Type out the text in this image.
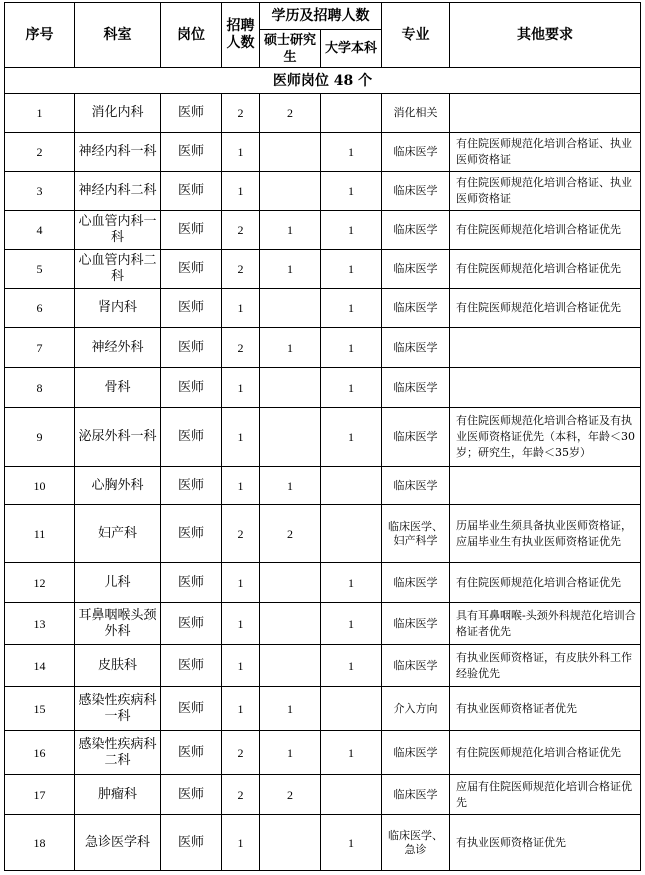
序号	科室	岗位	招聘人数	学历及招聘人数		专业	其他要求
				硕士研究生	大学本科		
医师岗位 48 个							
1	消化内科	医师	2	2		消化相关	
2	神经内科一科	医师	1		1	临床医学	有住院医师规范化培训合格证、执业医师资格证
3	神经内科二科	医师	1		1	临床医学	有住院医师规范化培训合格证、执业医师资格证
4	心血管内科一科	医师	2	1	1	临床医学	有住院医师规范化培训合格证优先
5	心血管内科二科	医师	2	1	1	临床医学	有住院医师规范化培训合格证优先
6	肾内科	医师	1		1	临床医学	有住院医师规范化培训合格证优先
7	神经外科	医师	2	1	1	临床医学	
8	骨科	医师	1		1	临床医学	
9	泌尿外科一科	医师	1		1	临床医学	有住院医师规范化培训合格证及有执业医师资格证优先（本科，年龄＜30岁；研究生，年龄＜35岁）
10	心胸外科	医师	1	1		临床医学	
11	妇产科	医师	2	2		临床医学、妇产科学	历届毕业生须具备执业医师资格证，应届毕业生有执业医师资格证优先
12	儿科	医师	1		1	临床医学	有住院医师规范化培训合格证优先
13	耳鼻咽喉头颈外科	医师	1		1	临床医学	具有耳鼻咽喉-头颈外科规范化培训合格证者优先
14	皮肤科	医师	1		1	临床医学	有执业医师资格证，有皮肤外科工作经验优先
15	感染性疾病科一科	医师	1	1		介入方向	有执业医师资格证者优先
16	感染性疾病科二科	医师	2	1	1	临床医学	有住院医师规范化培训合格证优先
17	肿瘤科	医师	2	2		临床医学	应届有住院医师规范化培训合格证优先
18	急诊医学科	医师	1		1	临床医学、急诊	有执业医师资格证优先
